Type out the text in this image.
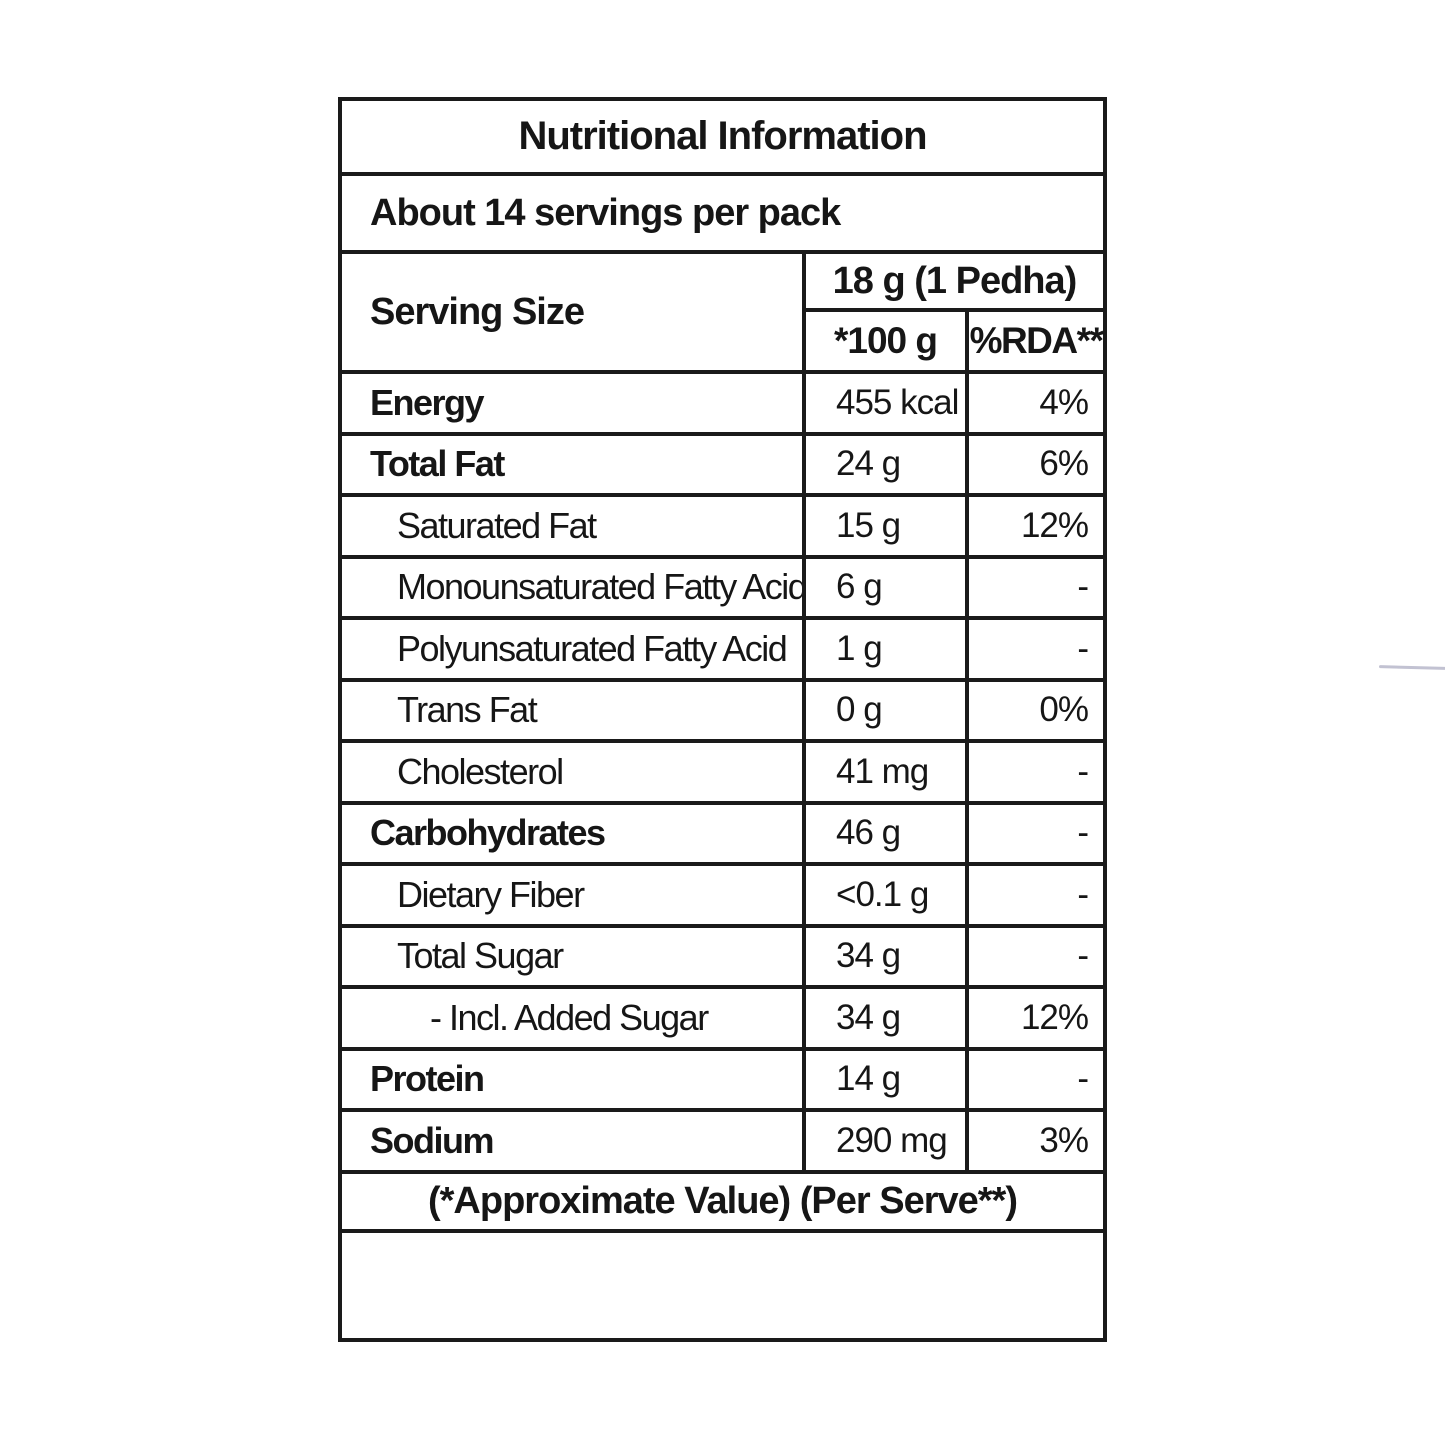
Nutritional Information
About 14 servings per pack
Serving Size
18 g (1 Pedha)
*100 g %RDA**
Energy	455 kcal	4%
Total Fat	24 g	6%
Saturated Fat	15 g	12%
Monounsaturated Fatty Acid 6 g	-
Polyunsaturated Fatty Acid	1 g	-
Trans Fat	0 g	0%
Cholesterol	41 mg	-
Carbohydrates	46 g	-
Dietary Fiber	<0.1 g	-
Total Sugar	34 g	-
- Incl. Added Sugar	34 g	12%
Protein	14 g	-
Sodium	290 mg	3%
(*Approximate Value) (Per Serve**)
